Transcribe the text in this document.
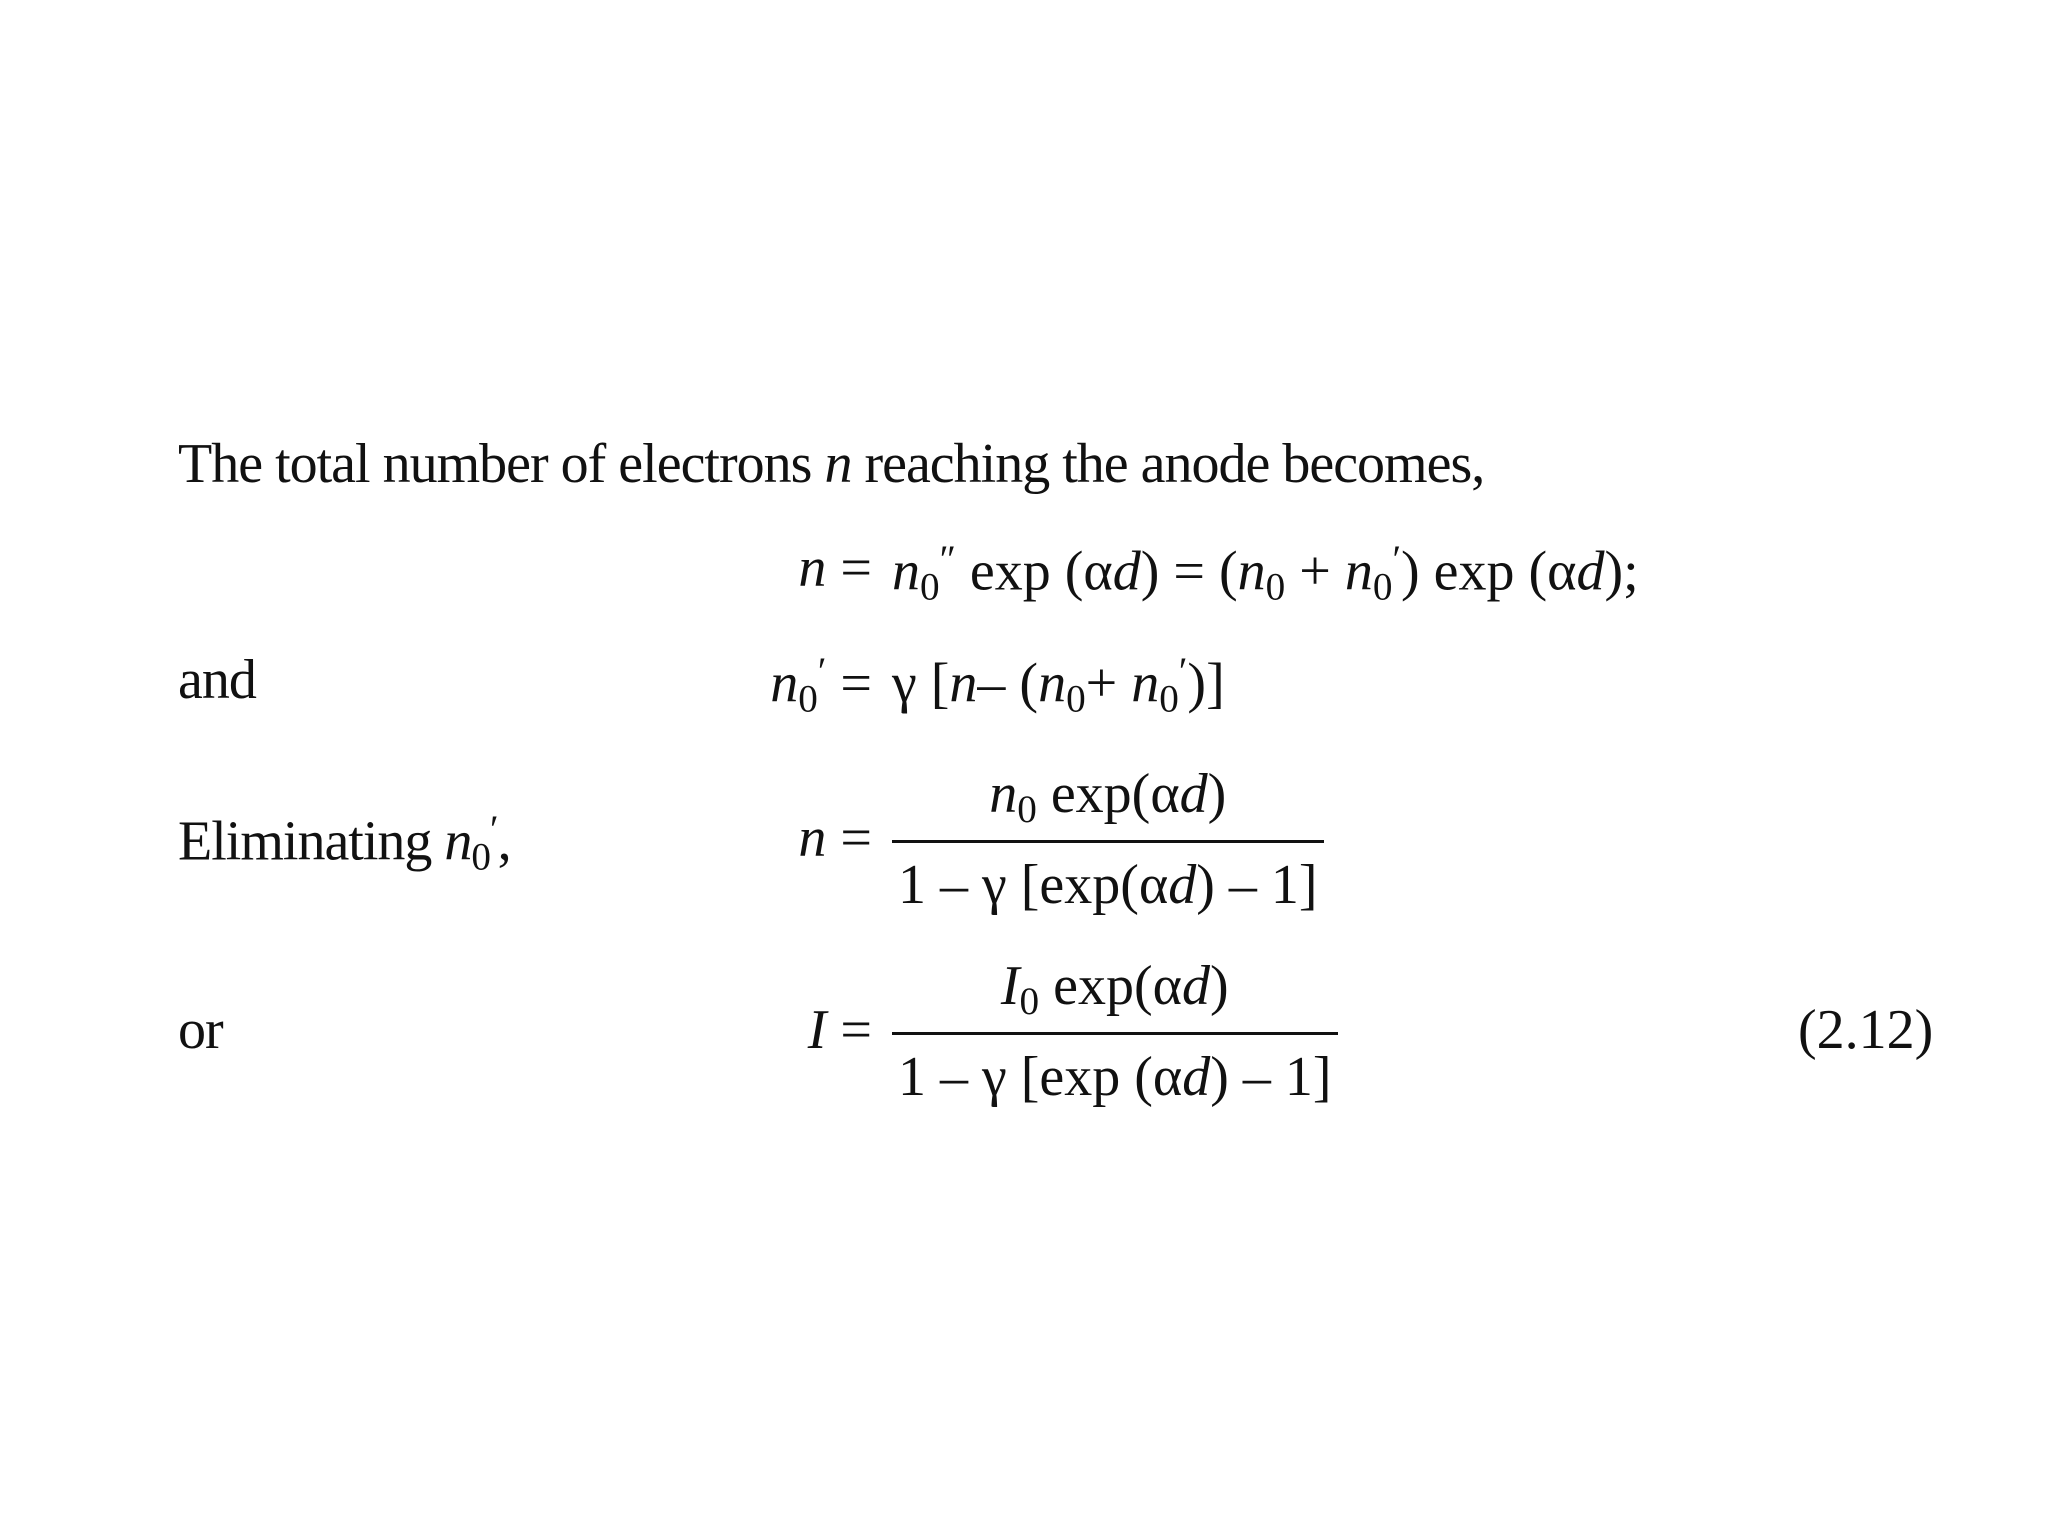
The total number of electrons n reaching the anode becomes,
$n = n_0''$ $\exp (\alpha d) = (n_0 + n_0')$ exp (αd);
and	$n_0' = \gamma$ [n– $(n_0+ n_0')$]
Eliminating $n_0'$,	n =
$n_0$ exp(αd)
1 – γ [exp(αd) – 1]
or	I =	(2.12)
$I_0$ exp(αd)
1 – γ [exp (αd) – 1]
